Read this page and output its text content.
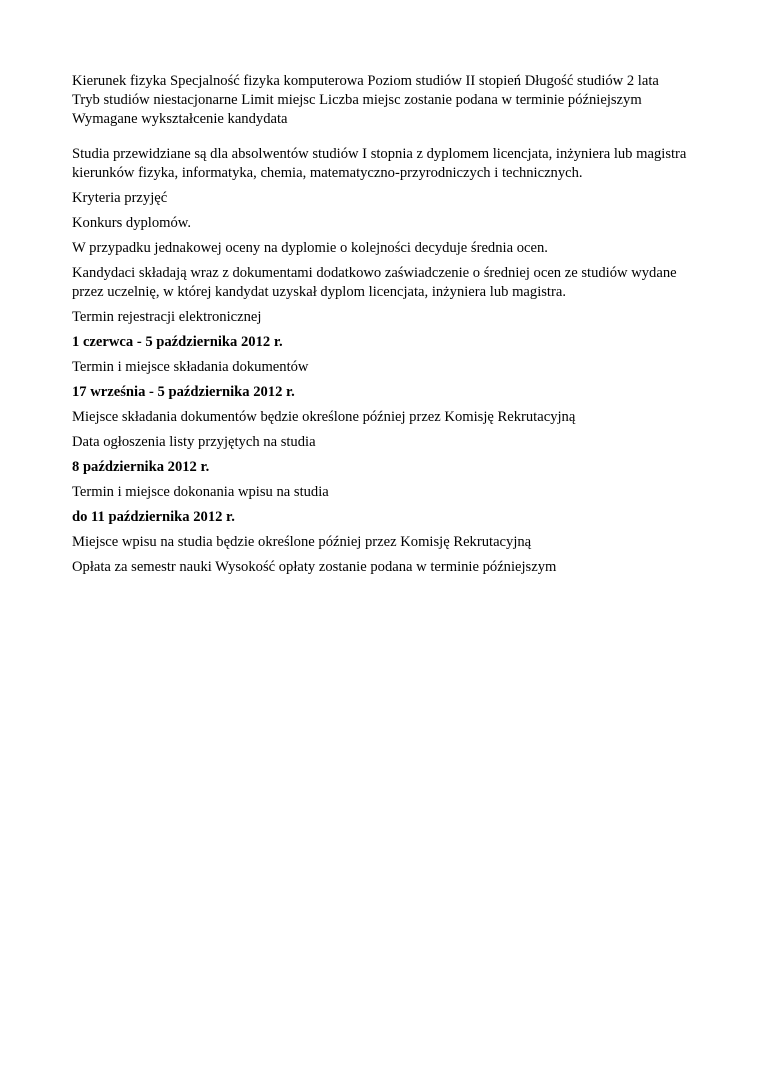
Kierunek fizyka Specjalność fizyka komputerowa Poziom studiów II stopień Długość studiów 2 lata Tryb studiów niestacjonarne Limit miejsc Liczba miejsc zostanie podana w terminie późniejszym Wymagane wykształcenie kandydata

Studia przewidziane są dla absolwentów studiów I stopnia z dyplomem licencjata, inżyniera lub magistra kierunków fizyka, informatyka, chemia, matematyczno-przyrodniczych i technicznych.

Kryteria przyjęć

Konkurs dyplomów.

W przypadku jednakowej oceny na dyplomie o kolejności decyduje średnia ocen.

Kandydaci składają wraz z dokumentami dodatkowo zaświadczenie o średniej ocen ze studiów wydane przez uczelnię, w której kandydat uzyskał dyplom licencjata, inżyniera lub magistra.

Termin rejestracji elektronicznej

1 czerwca - 5 października 2012 r.

Termin i miejsce składania dokumentów

17 września - 5 października 2012 r.

Miejsce składania dokumentów będzie określone później przez Komisję Rekrutacyjną

Data ogłoszenia listy przyjętych na studia

8 października 2012 r.

Termin i miejsce dokonania wpisu na studia

do 11 października 2012 r.

Miejsce wpisu na studia będzie określone później przez Komisję Rekrutacyjną

Opłata za semestr nauki Wysokość opłaty zostanie podana w terminie późniejszym
